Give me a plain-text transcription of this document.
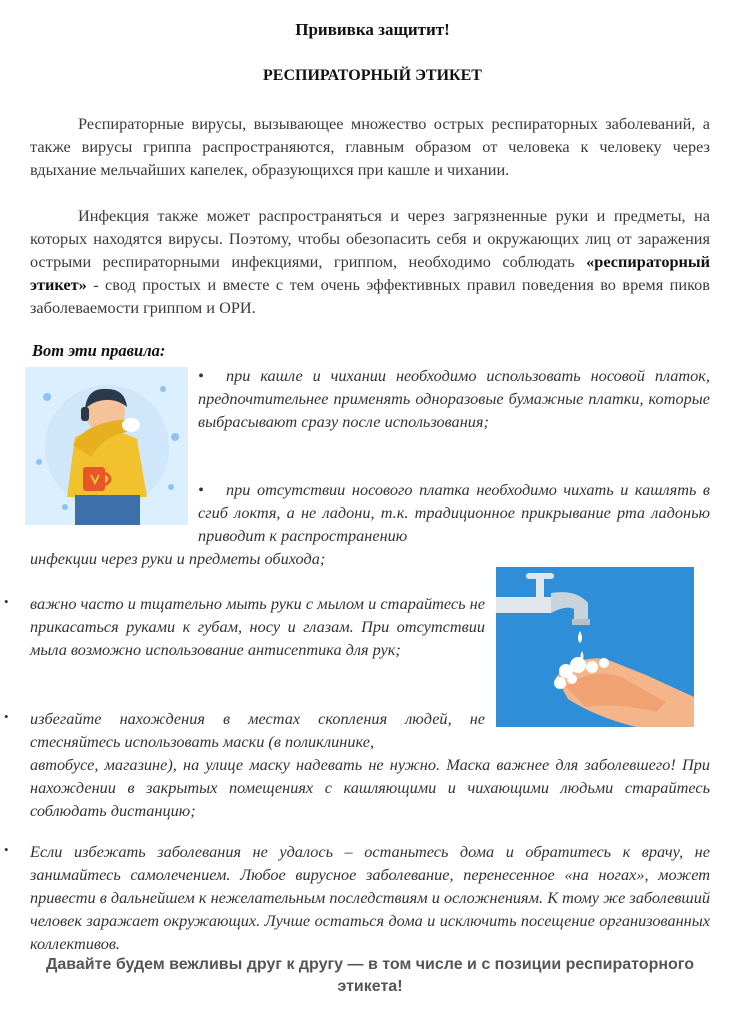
Прививка защитит!
РЕСПИРАТОРНЫЙ ЭТИКЕТ
Респираторные вирусы, вызывающее множество острых респираторных заболеваний, а также вирусы гриппа распространяются, главным образом от человека к человеку через вдыхание мельчайших капелек, образующихся при кашле и чихании.
Инфекция также может распространяться и через загрязненные руки и предметы, на которых находятся вирусы. Поэтому, чтобы обезопасить себя и окружающих лиц от заражения острыми респираторными инфекциями, гриппом, необходимо соблюдать «респираторный этикет» - свод простых и вместе с тем очень эффективных правил поведения во время пиков заболеваемости гриппом и ОРИ.
Вот эти правила:
• при кашле и чихании необходимо использовать носовой платок, предпочтительнее применять одноразовые бумажные платки, которые выбрасывают сразу после использования;
• при отсутствии носового платка необходимо чихать и кашлять в сгиб локтя, а не ладони, т.к. традиционное прикрывание рта ладонью приводит к распространению
инфекции через руки и предметы обихода;
• важно часто и тщательно мыть руки с мылом и старайтесь не прикасаться руками к губам, носу и глазам. При отсутствии мыла возможно использование антисептика для рук;
• избегайте нахождения в местах скопления людей, не стесняйтесь использовать маски (в поликлинике,
автобусе, магазине), на улице маску надевать не нужно. Маска важнее для заболевшего! При нахождении в закрытых помещениях с кашляющими и чихающими людьми старайтесь соблюдать дистанцию;
• Если избежать заболевания не удалось – останьтесь дома и обратитесь к врачу, не занимайтесь самолечением. Любое вирусное заболевание, перенесенное «на ногах», может привести в дальнейшем к нежелательным последствиям и осложнениям. К тому же заболевший человек заражает окружающих. Лучше остаться дома и исключить посещение организованных коллективов.
Давайте будем вежливы друг к другу — в том числе и с позиции респираторного этикета!
